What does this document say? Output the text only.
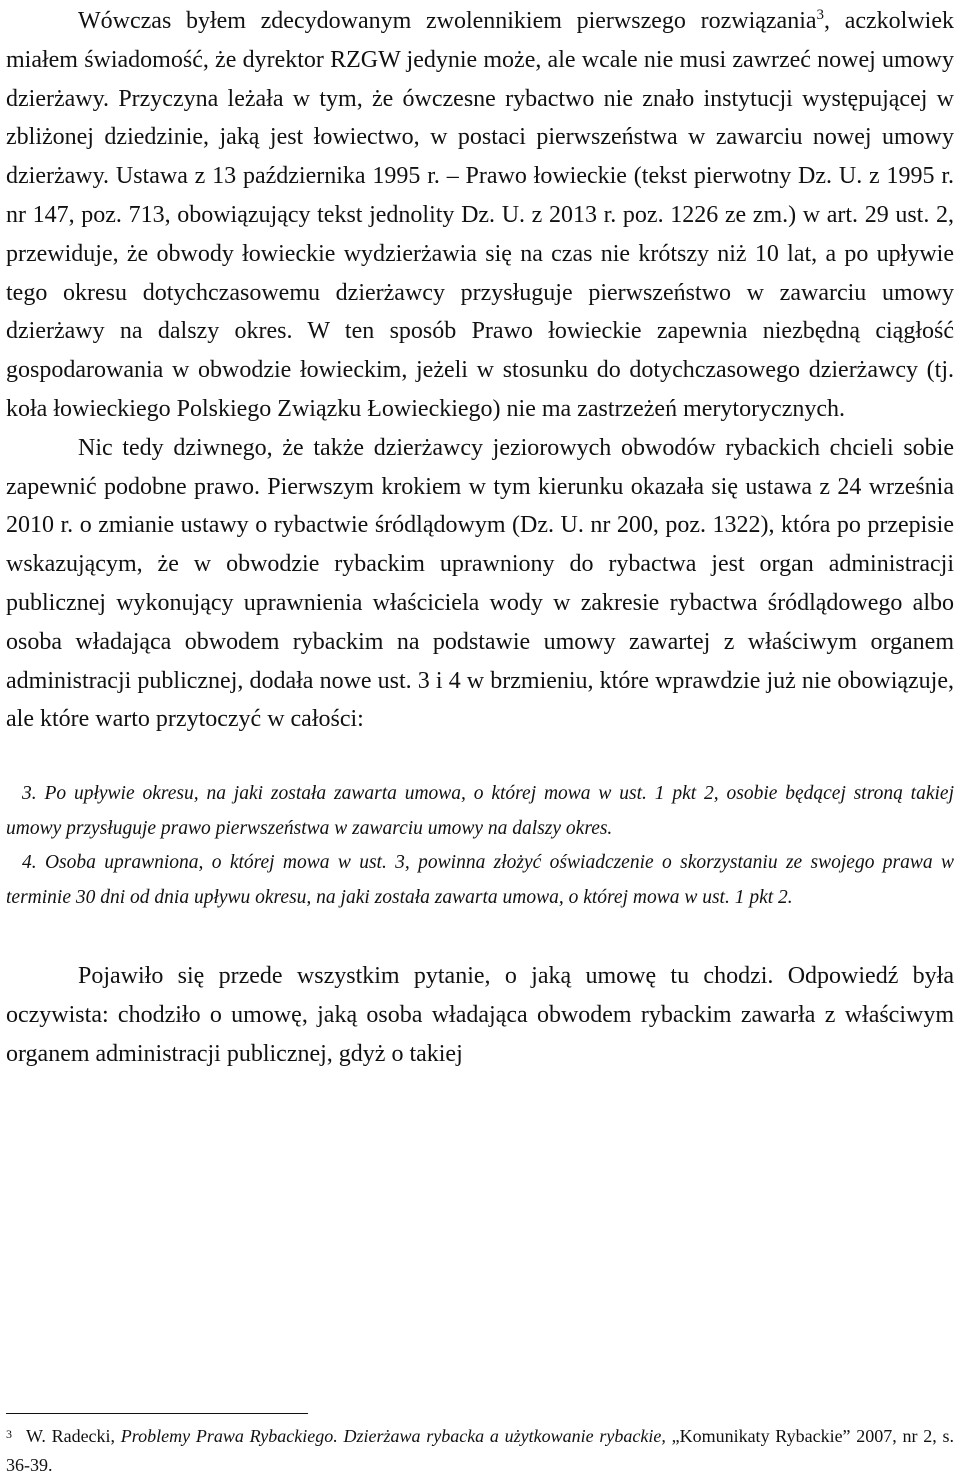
Wówczas byłem zdecydowanym zwolennikiem pierwszego rozwiązania$^3$, aczkolwiek miałem świadomość, że dyrektor RZGW jedynie może, ale wcale nie musi zawrzeć nowej umowy dzierżawy. Przyczyna leżała w tym, że ówczesne rybactwo nie znało instytucji występującej w zbliżonej dziedzinie, jaką jest łowiectwo, w postaci pierwszeństwa w zawarciu nowej umowy dzierżawy. Ustawa z 13 października 1995 r. – Prawo łowieckie (tekst pierwotny Dz. U. z 1995 r. nr 147, poz. 713, obowiązujący tekst jednolity Dz. U. z 2013 r. poz. 1226 ze zm.) w art. 29 ust. 2, przewiduje, że obwody łowieckie wydzierżawia się na czas nie krótszy niż 10 lat, a po upływie tego okresu dotychczasowemu dzierżawcy przysługuje pierwszeństwo w zawarciu umowy dzierżawy na dalszy okres. W ten sposób Prawo łowieckie zapewnia niezbędną ciągłość gospodarowania w obwodzie łowieckim, jeżeli w stosunku do dotychczasowego dzierżawcy (tj. koła łowieckiego Polskiego Związku Łowieckiego) nie ma zastrzeżeń merytorycznych.

Nic tedy dziwnego, że także dzierżawcy jeziorowych obwodów rybackich chcieli sobie zapewnić podobne prawo. Pierwszym krokiem w tym kierunku okazała się ustawa z 24 września 2010 r. o zmianie ustawy o rybactwie śródlądowym (Dz. U. nr 200, poz. 1322), która po przepisie wskazującym, że w obwodzie rybackim uprawniony do rybactwa jest organ administracji publicznej wykonujący uprawnienia właściciela wody w zakresie rybactwa śródlądowego albo osoba władająca obwodem rybackim na podstawie umowy zawartej z właściwym organem administracji publicznej, dodała nowe ust. 3 i 4 w brzmieniu, które wprawdzie już nie obowiązuje, ale które warto przytoczyć w całości:

3. Po upływie okresu, na jaki została zawarta umowa, o której mowa w ust. 1 pkt 2, osobie będącej stroną takiej umowy przysługuje prawo pierwszeństwa w zawarciu umowy na dalszy okres.

4. Osoba uprawniona, o której mowa w ust. 3, powinna złożyć oświadczenie o skorzystaniu ze swojego prawa w terminie 30 dni od dnia upływu okresu, na jaki została zawarta umowa, o której mowa w ust. 1 pkt 2.

Pojawiło się przede wszystkim pytanie, o jaką umowę tu chodzi. Odpowiedź była oczywista: chodziło o umowę, jaką osoba władająca obwodem rybackim zawarła z właściwym organem administracji publicznej, gdyż o takiej

$^3$ W. Radecki, Problemy Prawa Rybackiego. Dzierżawa rybacka a użytkowanie rybackie, „Komunikaty Rybackie” 2007, nr 2, s. 36-39.
